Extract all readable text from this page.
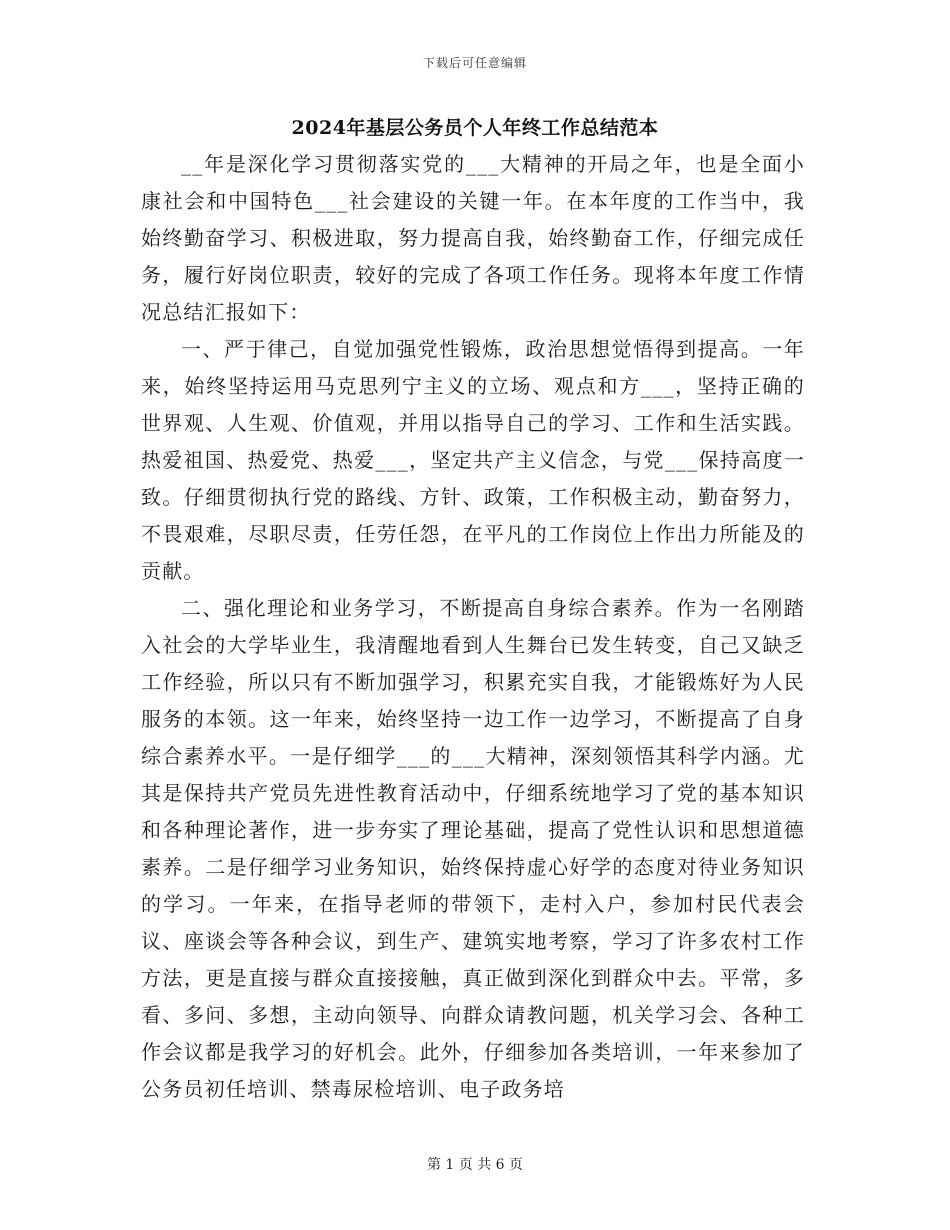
下载后可任意编辑
2024年基层公务员个人年终工作总结范本

__年是深化学习贯彻落实党的___大精神的开局之年，也是全面小康社会和中国特色___社会建设的关键一年。在本年度的工作当中，我始终勤奋学习、积极进取，努力提高自我，始终勤奋工作，仔细完成任务，履行好岗位职责，较好的完成了各项工作任务。现将本年度工作情况总结汇报如下：

一、严于律己，自觉加强党性锻炼，政治思想觉悟得到提高。一年来，始终坚持运用马克思列宁主义的立场、观点和方___，坚持正确的世界观、人生观、价值观，并用以指导自己的学习、工作和生活实践。热爱祖国、热爱党、热爱___，坚定共产主义信念，与党___保持高度一致。仔细贯彻执行党的路线、方针、政策，工作积极主动，勤奋努力，不畏艰难，尽职尽责，任劳任怨，在平凡的工作岗位上作出力所能及的贡献。

二、强化理论和业务学习，不断提高自身综合素养。作为一名刚踏入社会的大学毕业生，我清醒地看到人生舞台已发生转变，自己又缺乏工作经验，所以只有不断加强学习，积累充实自我，才能锻炼好为人民服务的本领。这一年来，始终坚持一边工作一边学习，不断提高了自身综合素养水平。一是仔细学___的___大精神，深刻领悟其科学内涵。尤其是保持共产党员先进性教育活动中，仔细系统地学习了党的基本知识和各种理论著作，进一步夯实了理论基础，提高了党性认识和思想道德素养。二是仔细学习业务知识，始终保持虚心好学的态度对待业务知识的学习。一年来，在指导老师的带领下，走村入户，参加村民代表会议、座谈会等各种会议，到生产、建筑实地考察，学习了许多农村工作方法，更是直接与群众直接接触，真正做到深化到群众中去。平常，多看、多问、多想，主动向领导、向群众请教问题，机关学习会、各种工作会议都是我学习的好机会。此外，仔细参加各类培训，一年来参加了公务员初任培训、禁毒尿检培训、电子政务培

第 1 页 共 6 页
